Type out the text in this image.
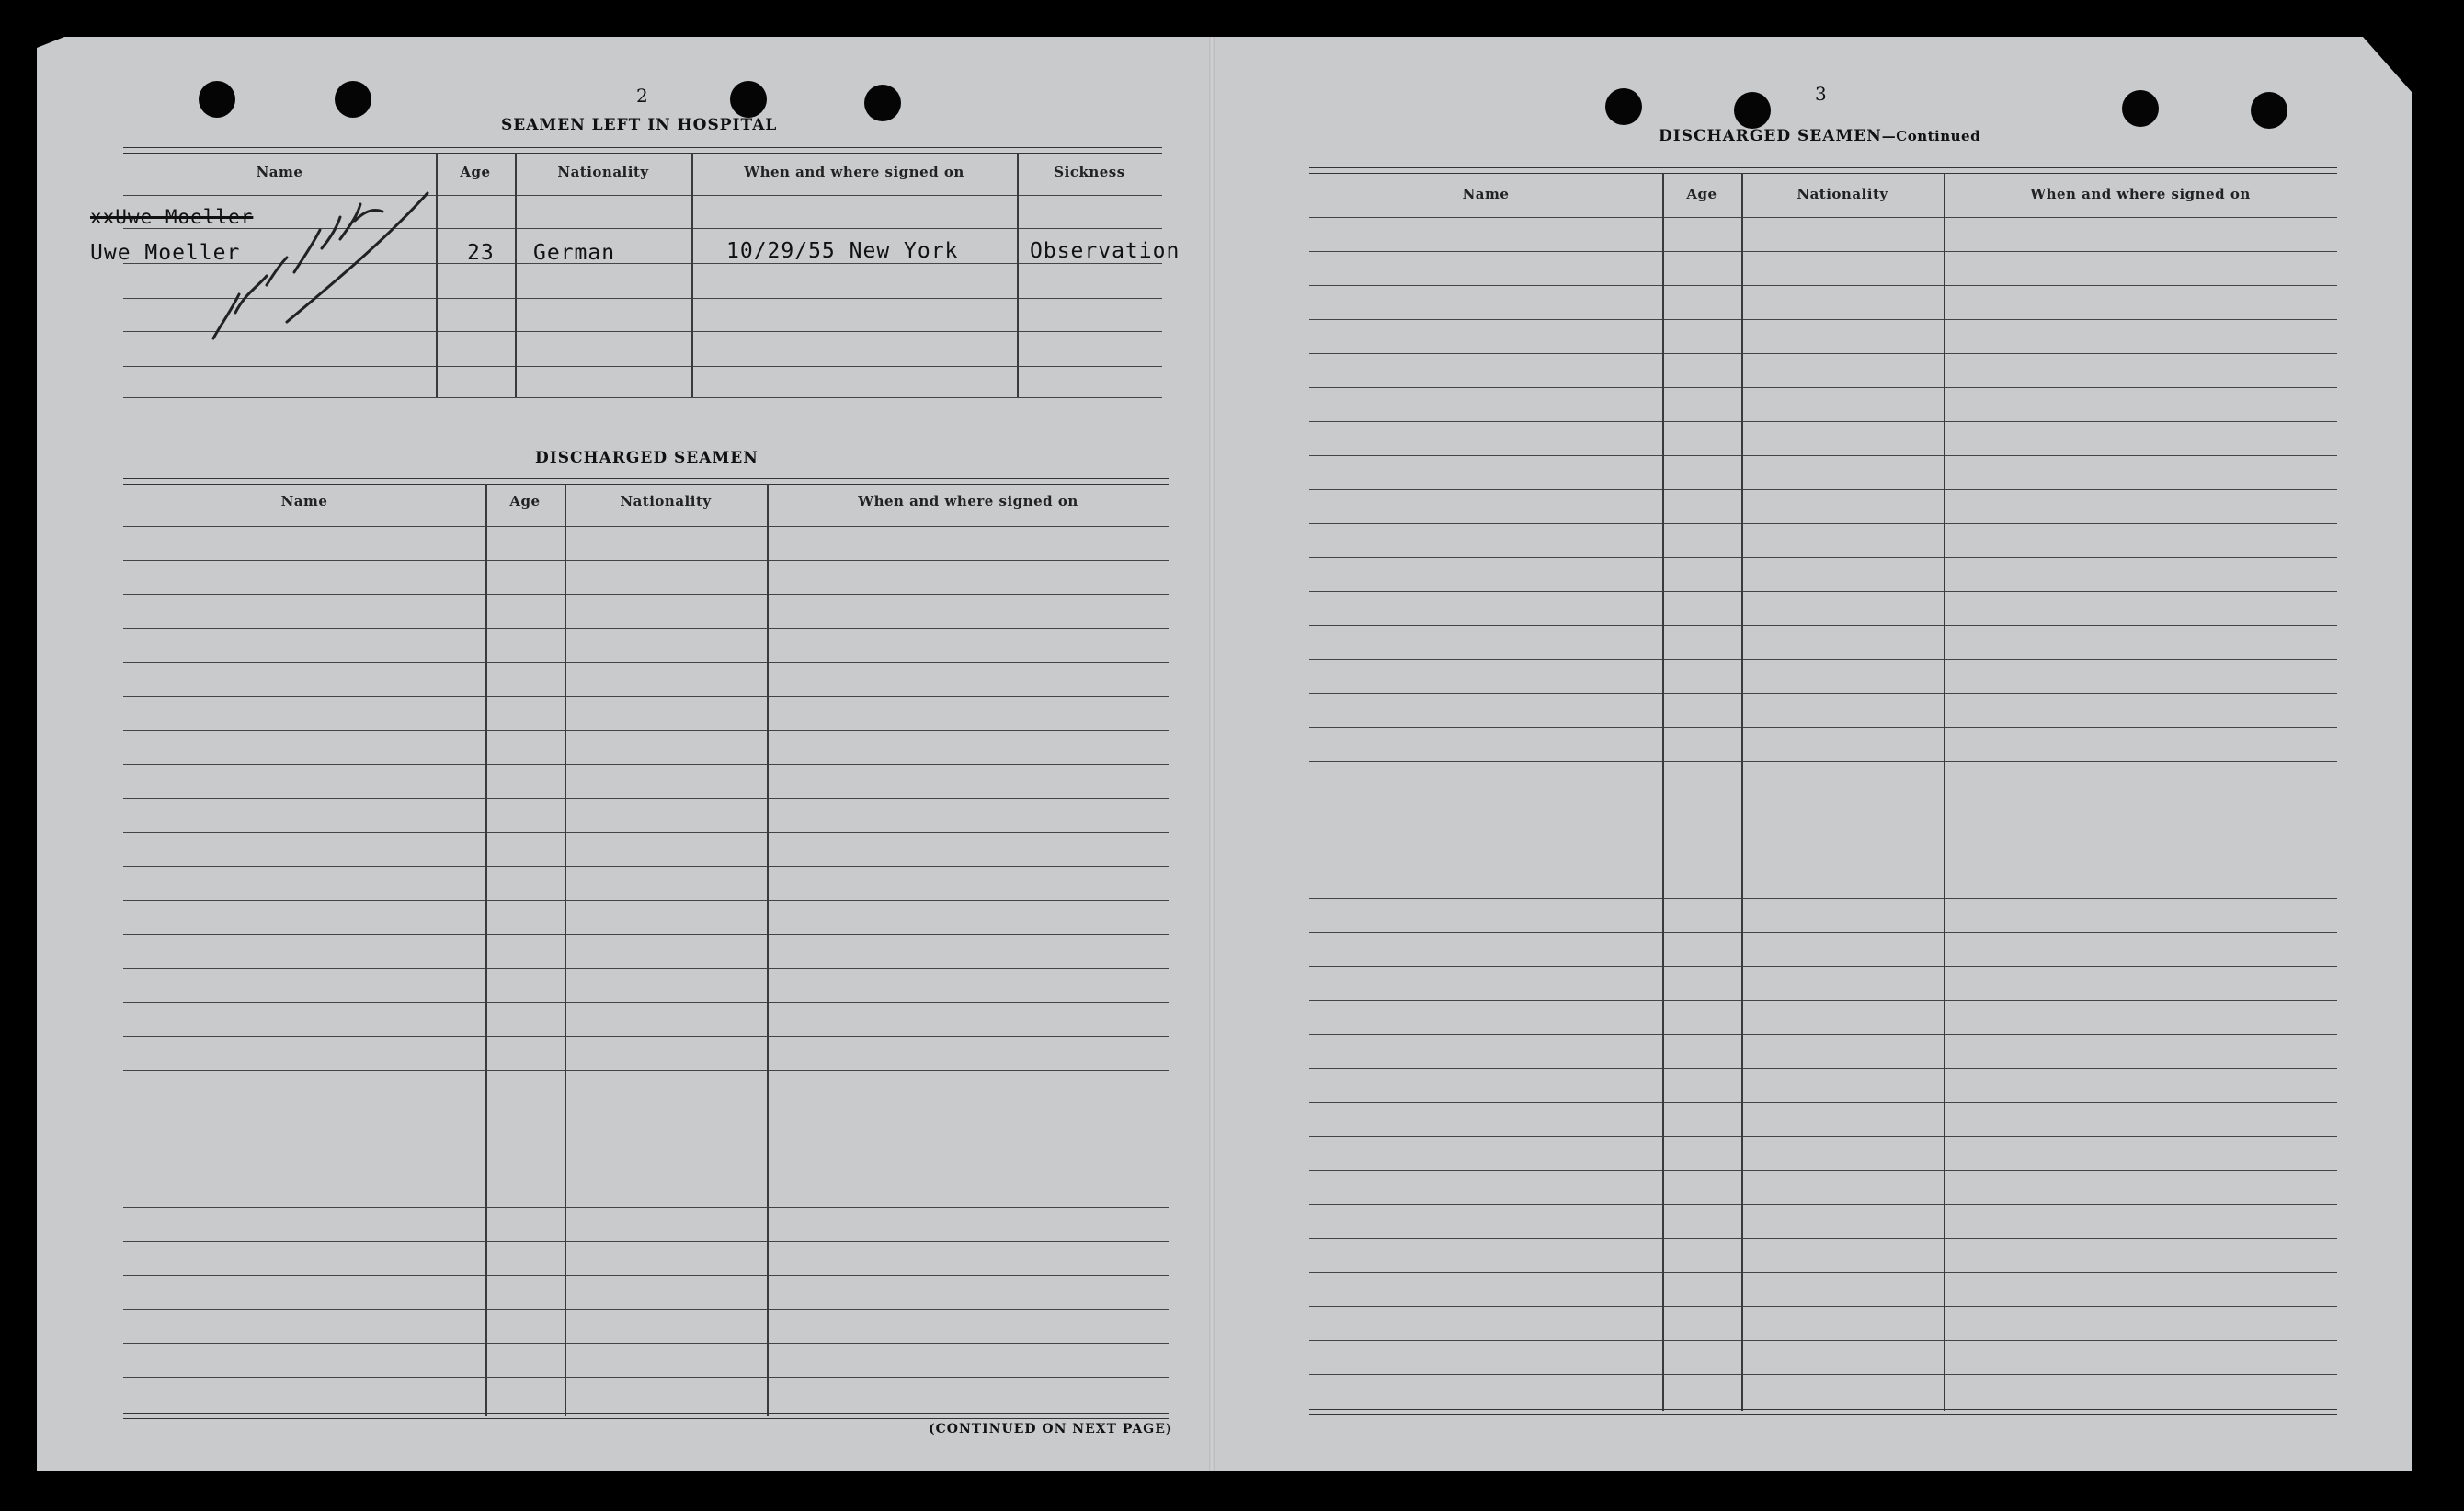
2
SEAMEN LEFT IN HOSPITAL
Name	Age	Nationality	When and where signed on	Sickness
xxUwe Moeller
Uwe Moeller	23 German	10/29/55 New York	Observation
DISCHARGED SEAMEN
Name	Age	Nationality	When and where signed on
(CONTINUED ON NEXT PAGE)
3
DISCHARGED SEAMEN—Continued
Name	Age	Nationality	When and where signed on
